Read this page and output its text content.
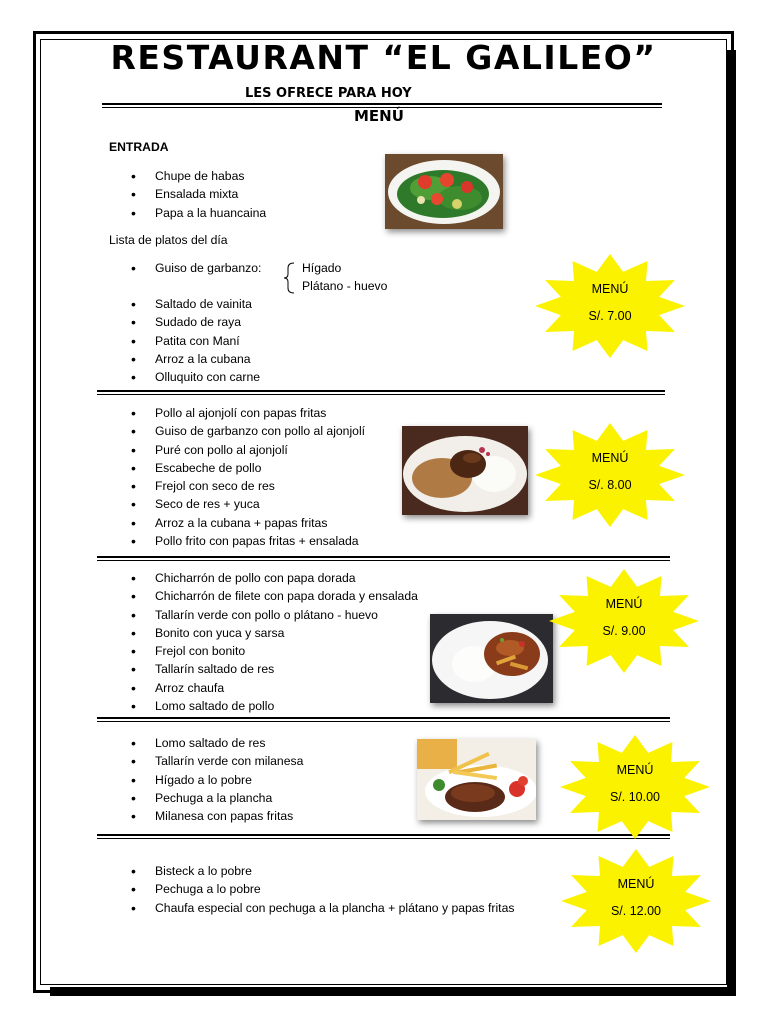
RESTAURANT “EL GALILEO”
LES OFRECE PARA HOY
MENÚ
ENTRADA
• Chupe de habas
• Ensalada mixta
• Papa a la huancaina
Lista de platos del día
• Guiso de garbanzo:	Hígado
Plátano - huevo
• Saltado de vainita
• Sudado de raya
• Patita con Maní
• Arroz a la cubana
• Olluquito con carne
• Pollo al ajonjolí con papas fritas
• Guiso de garbanzo con pollo al ajonjolí
• Puré con pollo al ajonjolí
• Escabeche de pollo
• Frejol con seco de res
• Seco de res + yuca
• Arroz a la cubana + papas fritas
• Pollo frito con papas fritas + ensalada
• Chicharrón de pollo con papa dorada
• Chicharrón de filete con papa dorada y ensalada
• Tallarín verde con pollo o plátano - huevo
• Bonito con yuca y sarsa
• Frejol con bonito
• Tallarín saltado de res
• Arroz chaufa
• Lomo saltado de pollo
• Lomo saltado de res
• Tallarín verde con milanesa
• Hígado a lo pobre
• Pechuga a la plancha
• Milanesa con papas fritas
• Bisteck a lo pobre
• Pechuga a lo pobre
• Chaufa especial con pechuga a la plancha + plátano y papas fritas
MENÚ
S/. 7.00
MENÚ
S/. 8.00
MENÚ
S/. 9.00
MENÚ
S/. 10.00
MENÚ
S/. 12.00
